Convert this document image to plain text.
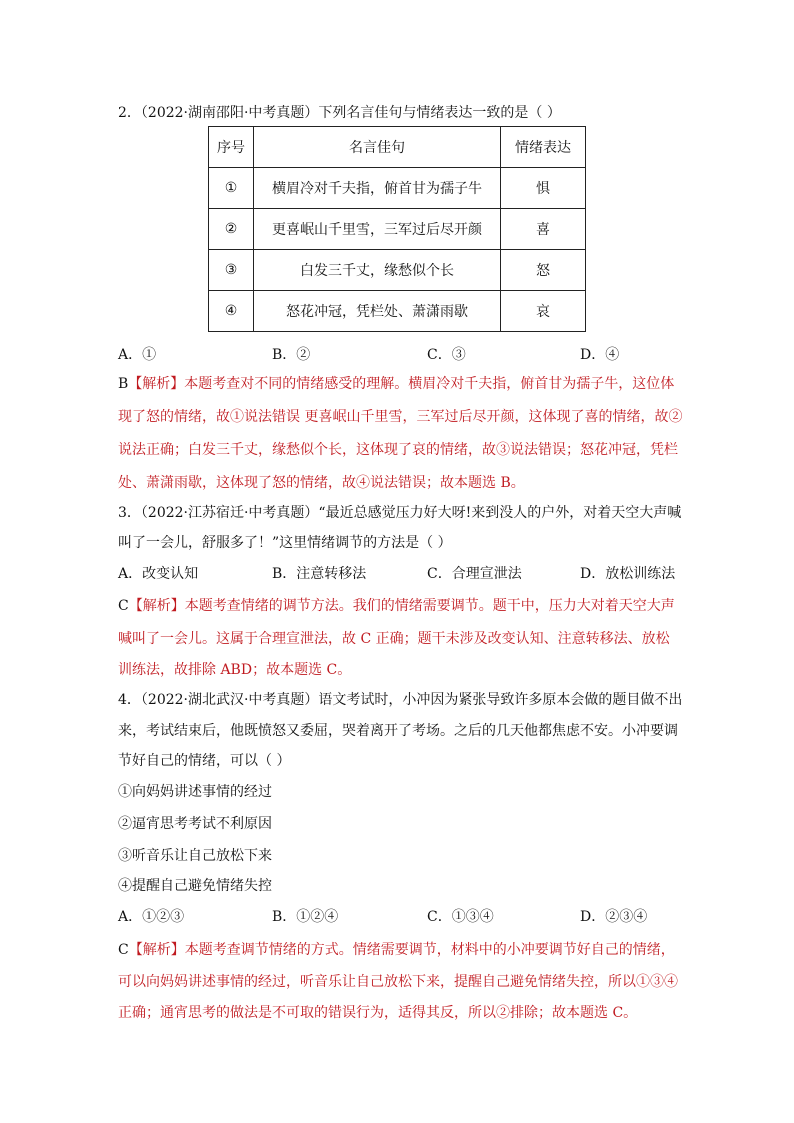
2．（2022·湖南邵阳·中考真题）下列名言佳句与情绪表达一致的是（ ）
序号	名言佳句	情绪表达
①	横眉冷对千夫指，俯首甘为孺子牛	惧
②	更喜岷山千里雪，三军过后尽开颜	喜
③	白发三千丈，缘愁似个长	怒
④	怒花冲冠，凭栏处、萧潇雨歇	哀
A．①	B．②	C．③	D．④
B【解析】本题考查对不同的情绪感受的理解。横眉冷对千夫指，俯首甘为孺子牛，这位体
现了怒的情绪，故①说法错误 更喜岷山千里雪，三军过后尽开颜，这体现了喜的情绪，故②
说法正确；白发三千丈，缘愁似个长，这体现了哀的情绪，故③说法错误；怒花冲冠，凭栏
处、萧潇雨歇，这体现了怒的情绪，故④说法错误；故本题选 B。
3．（2022·江苏宿迁·中考真题）“最近总感觉压力好大呀!来到没人的户外，对着天空大声喊
叫了一会儿，舒服多了！”这里情绪调节的方法是（ ）
A．改变认知	B．注意转移法	C．合理宣泄法	D．放松训练法
C【解析】本题考查情绪的调节方法。我们的情绪需要调节。题干中，压力大对着天空大声
喊叫了一会儿。这属于合理宣泄法，故 C 正确；题干未涉及改变认知、注意转移法、放松
训练法，故排除 ABD；故本题选 C。
4．（2022·湖北武汉·中考真题）语文考试时，小冲因为紧张导致许多原本会做的题目做不出
来，考试结束后，他既愤怒又委屈，哭着离开了考场。之后的几天他都焦虑不安。小冲要调
节好自己的情绪，可以（ ）
①向妈妈讲述事情的经过
②逼宵思考考试不利原因
③听音乐让自己放松下来
④提醒自己避免情绪失控
A．①②③	B．①②④	C．①③④	D．②③④
C【解析】本题考查调节情绪的方式。情绪需要调节，材料中的小冲要调节好自己的情绪，
可以向妈妈讲述事情的经过，听音乐让自己放松下来，提醒自己避免情绪失控，所以①③④
正确；通宵思考的做法是不可取的错误行为，适得其反，所以②排除；故本题选 C。
